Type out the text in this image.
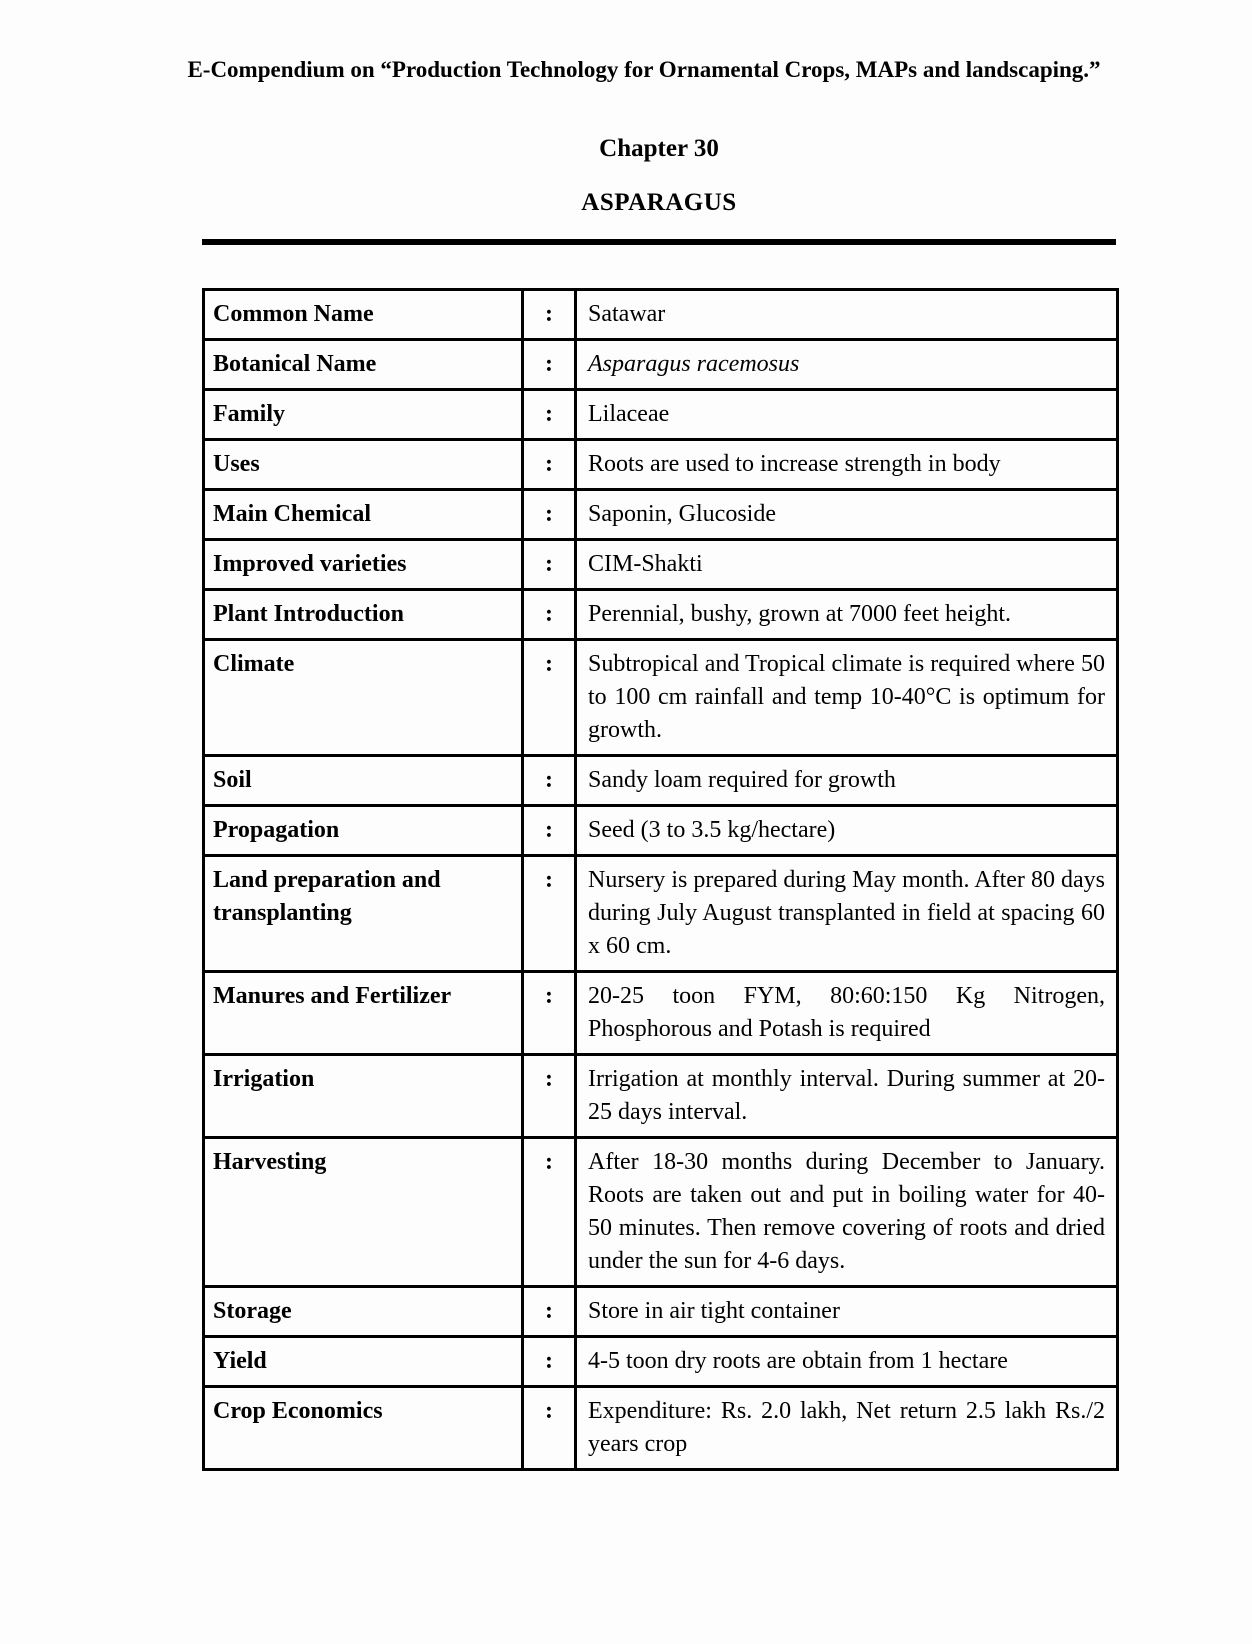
E-Compendium on “Production Technology for Ornamental Crops, MAPs and landscaping.”
Chapter 30
ASPARAGUS
Common Name	:	Satawar
Botanical Name	:	Asparagus racemosus
Family	:	Lilaceae
Uses	:	Roots are used to increase strength in body
Main Chemical	:	Saponin, Glucoside
Improved varieties	:	CIM-Shakti
Plant Introduction	:	Perennial, bushy, grown at 7000 feet height.
Climate	:	Subtropical and Tropical climate is required where 50 to 100 cm rainfall and temp 10-40°C is optimum for growth.
Soil	:	Sandy loam required for growth
Propagation	:	Seed (3 to 3.5 kg/hectare)
Land preparation and transplanting	:	Nursery is prepared during May month. After 80 days during July August transplanted in field at spacing 60 x 60 cm.
Manures and Fertilizer	:	20-25 toon FYM, 80:60:150 Kg Nitrogen, Phosphorous and Potash is required
Irrigation	:	Irrigation at monthly interval. During summer at 20-25 days interval.
Harvesting	:	After 18-30 months during December to January. Roots are taken out and put in boiling water for 40-50 minutes. Then remove covering of roots and dried under the sun for 4-6 days.
Storage	:	Store in air tight container
Yield	:	4-5 toon dry roots are obtain from 1 hectare
Crop Economics	:	Expenditure: Rs. 2.0 lakh, Net return 2.5 lakh Rs./2 years crop
